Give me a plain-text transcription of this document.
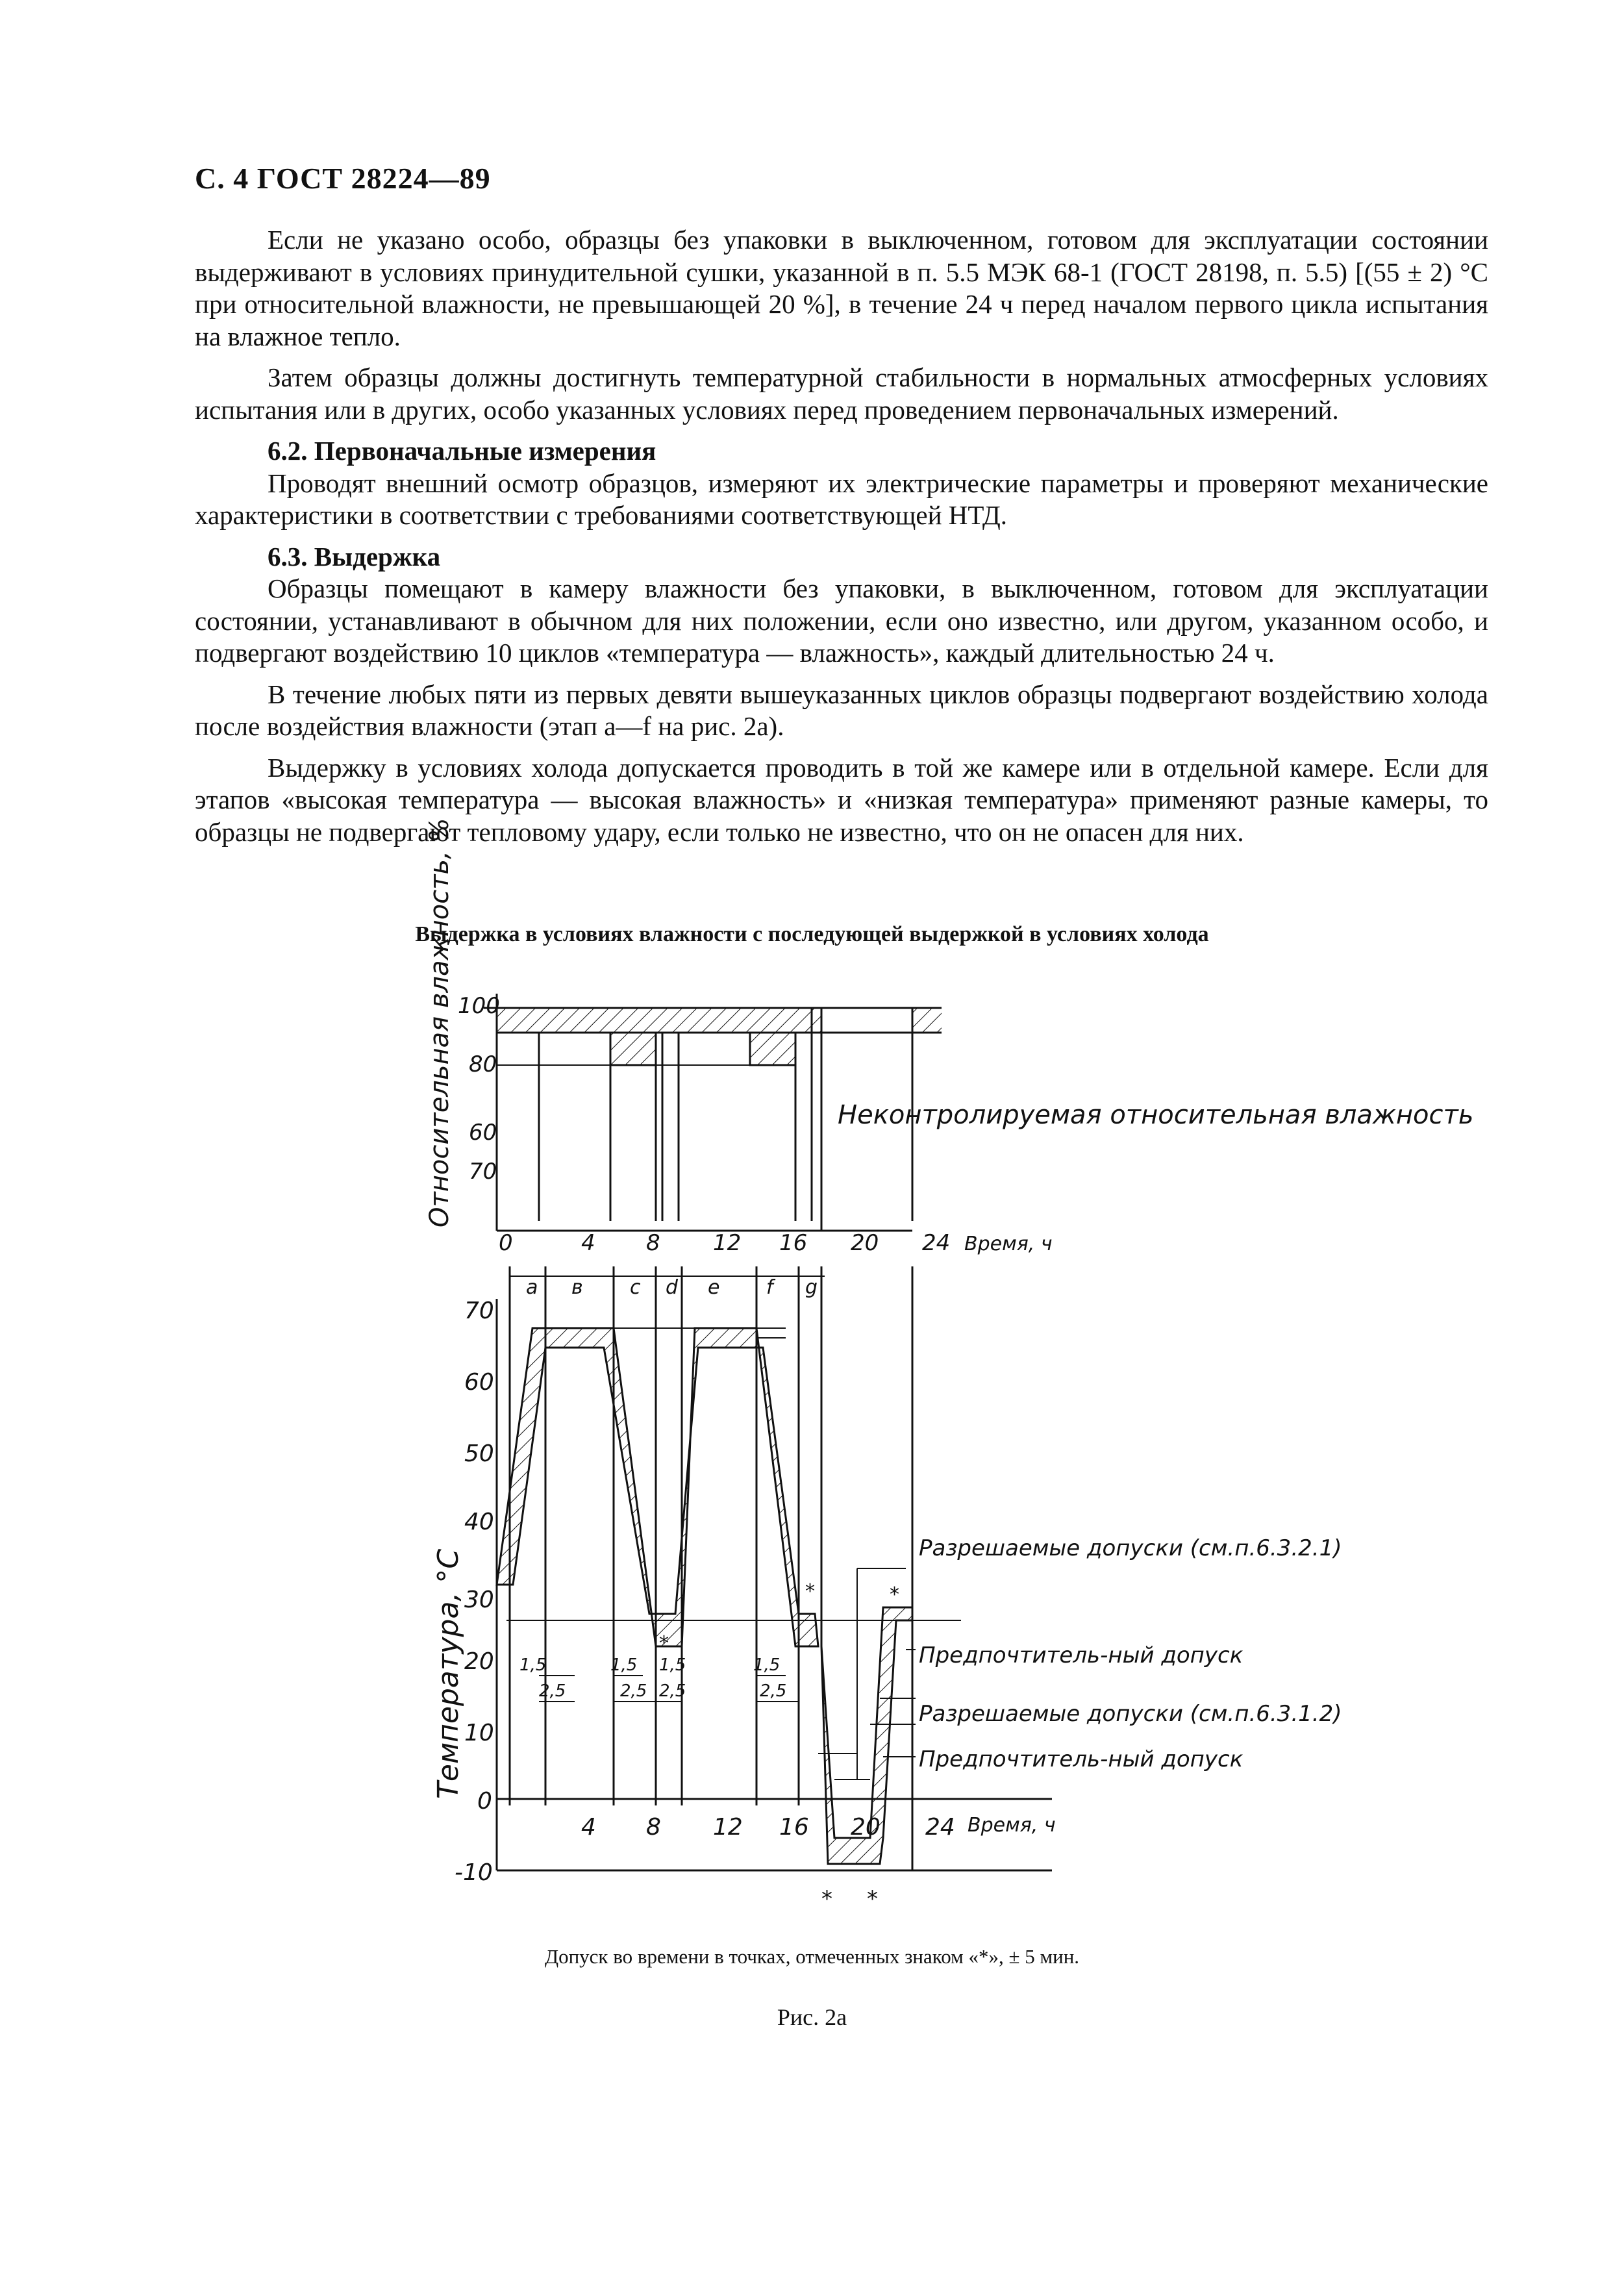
С. 4 ГОСТ 28224—89

Если не указано особо, образцы без упаковки в выключенном, готовом для эксплуатации состоянии выдерживают в условиях принудительной сушки, указанной в п. 5.5 МЭК 68-1 (ГОСТ 28198, п. 5.5) [(55 ± 2) °С при относительной влажности, не превышающей 20 %], в течение 24 ч перед началом первого цикла испытания на влажное тепло.

Затем образцы должны достигнуть температурной стабильности в нормальных атмосферных условиях испытания или в других, особо указанных условиях перед проведением первоначальных измерений.

6.2. Первоначальные измерения

Проводят внешний осмотр образцов, измеряют их электрические параметры и проверяют механические характеристики в соответствии с требованиями соответствующей НТД.

6.3. Выдержка

Образцы помещают в камеру влажности без упаковки, в выключенном, готовом для эксплуатации состоянии, устанавливают в обычном для них положении, если оно известно, или другом, указанном особо, и подвергают воздействию 10 циклов «температура — влажность», каждый длительностью 24 ч.

В течение любых пяти из первых девяти вышеуказанных циклов образцы подвергают воздействию холода после воздействия влажности (этап a—f на рис. 2а).

Выдержку в условиях холода допускается проводить в той же камере или в отдельной камере. Если для этапов «высокая температура — высокая влажность» и «низкая температура» применяют разные камеры, то образцы не подвергают тепловому удару, если только не известно, что он не опасен для них.

Выдержка в условиях влажности с последующей выдержкой в условиях холода
100
80
60
70
0	4 8 12 16 20 24 Время, ч
Неконтролируемая относительная влажность
Относительная влажность, %
70
60
50
40
30
20
10
0
-10
4 8 12 16 20 24 Время, ч
Температура, °С
a в c d e f g
1,5
2,5
1,5 1,5
2,5 2,5
1,5
2,5
*
*	*
* *
Разрешаемые допуски (см.п.6.3.2.1)
Предпочтитель-ный допуск
Разрешаемые допуски (см.п.6.3.1.2)
Предпочтитель-ный допуск
Допуск во времени в точках, отмеченных знаком «*», ± 5 мин.
Рис. 2а
